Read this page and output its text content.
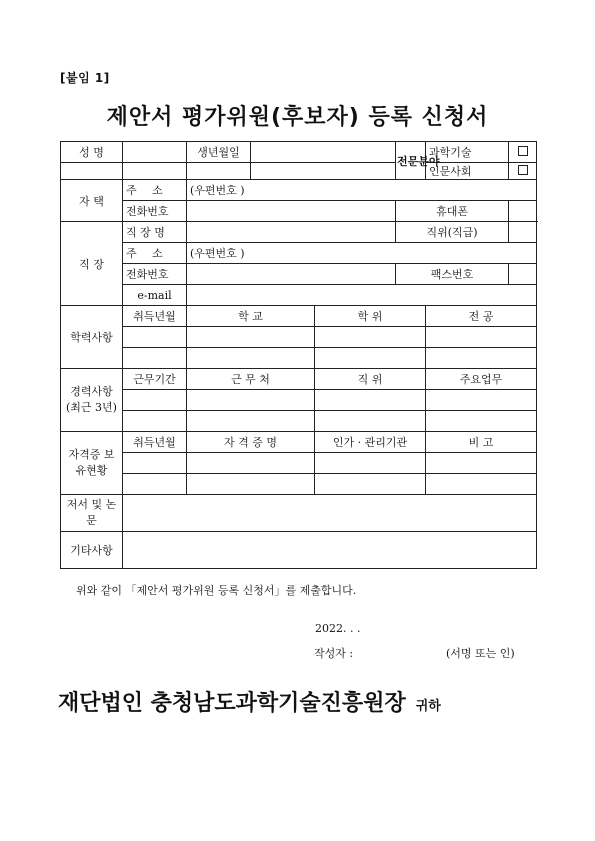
[붙임 1]
제안서 평가위원(후보자) 등록 신청서
성 명		생년월일			전문분야	과학기술	
						인문사회	
자 택	주 소	(우편번호 )					
	전화번호				휴대폰		
직 장	직 장 명				직위(직급)		
	주 소	(우편번호 )					
	전화번호				팩스번호		
	e-mail						
학력사항	취득년월	학 교		학 위		전 공	

경력사항 (최근 3년)	근무기간	근 무 처		직 위		주요업무	

자격증 보유현황	취득년월	자 격 증 명		인가 · 관리기관		비 고	

저서 및 논문							
기타사항							
위와 같이 「제안서 평가위원 등록 신청서」를 제출합니다.
2022. . .
작성자 :	(서명 또는 인)
재단법인 충청남도과학기술진흥원장 귀하
